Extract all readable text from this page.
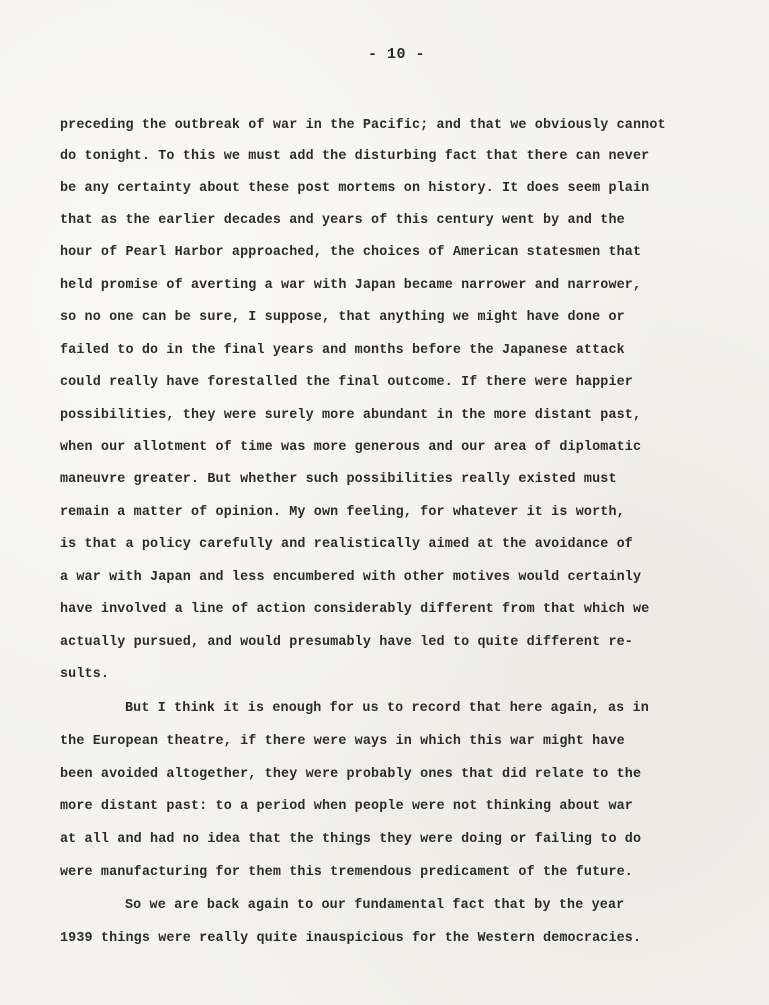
- 10 -
preceding the outbreak of war in the Pacific; and that we obviously cannot
do tonight. To this we must add the disturbing fact that there can never
be any certainty about these post mortems on history. It does seem plain
that as the earlier decades and years of this century went by and the
hour of Pearl Harbor approached, the choices of American statesmen that
held promise of averting a war with Japan became narrower and narrower,
so no one can be sure, I suppose, that anything we might have done or
failed to do in the final years and months before the Japanese attack
could really have forestalled the final outcome. If there were happier
possibilities, they were surely more abundant in the more distant past,
when our allotment of time was more generous and our area of diplomatic
maneuvre greater. But whether such possibilities really existed must
remain a matter of opinion. My own feeling, for whatever it is worth,
is that a policy carefully and realistically aimed at the avoidance of
a war with Japan and less encumbered with other motives would certainly
have involved a line of action considerably different from that which we
actually pursued, and would presumably have led to quite different re-
sults.
But I think it is enough for us to record that here again, as in
the European theatre, if there were ways in which this war might have
been avoided altogether, they were probably ones that did relate to the
more distant past: to a period when people were not thinking about war
at all and had no idea that the things they were doing or failing to do
were manufacturing for them this tremendous predicament of the future.
So we are back again to our fundamental fact that by the year
1939 things were really quite inauspicious for the Western democracies.
